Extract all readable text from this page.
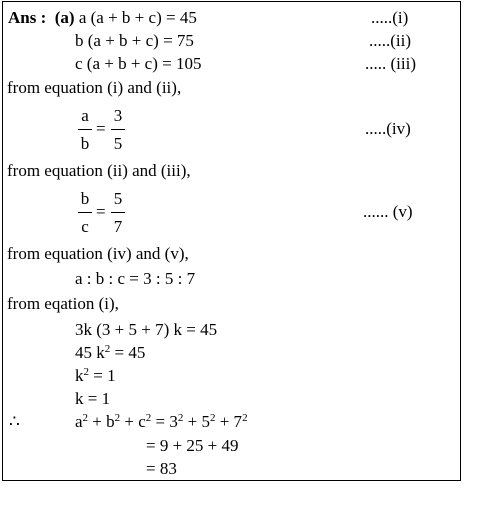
Ans : (a) a (a + b + c) = 45	.....(i)
b (a + b + c) = 75	.....(ii)
c (a + b + c) = 105	..... (iii)
from equation (i) and (ii),
a
b
=
3
5
.....(iv)
from equation (ii) and (iii),
b
c
=
5
7
...... (v)
from equation (iv) and (v),
a : b : c = 3 : 5 : 7
from eqation (i),
3k (3 + 5 + 7) k = 45
45 $k^2 = 45$
$k^2 = 1$
k = 1
∴	$a^2 + b^2 + c^2 = 3^2 + 5^2 + 7^2$
= 9 + 25 + 49
= 83
